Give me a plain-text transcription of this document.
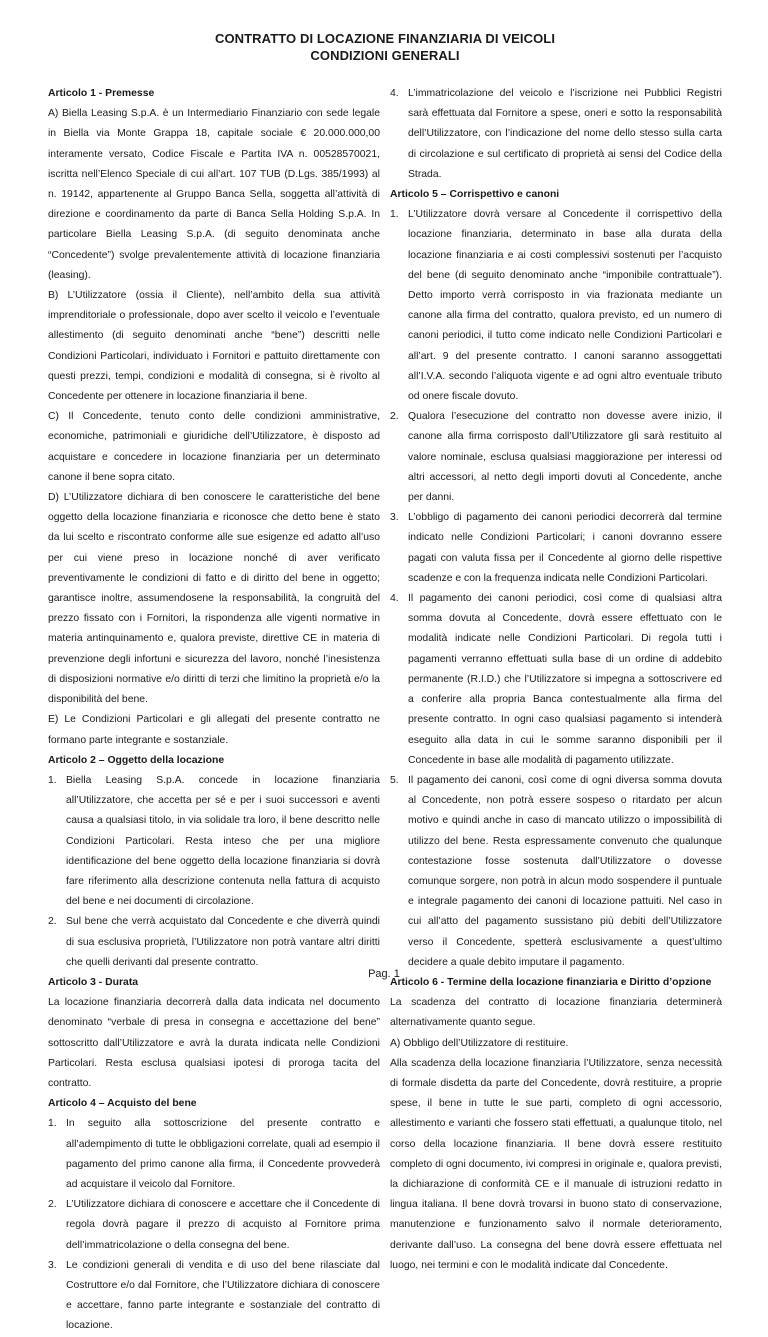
CONTRATTO DI LOCAZIONE FINANZIARIA DI VEICOLI
CONDIZIONI GENERALI

Articolo 1 - Premesse

A) Biella Leasing S.p.A. è un Intermediario Finanziario con sede legale in Biella via Monte Grappa 18, capitale sociale € 20.000.000,00 interamente versato, Codice Fiscale e Partita IVA n. 00528570021, iscritta nell’Elenco Speciale di cui all’art. 107 TUB (D.Lgs. 385/1993) al n. 19142, appartenente al Gruppo Banca Sella, soggetta all’attività di direzione e coordinamento da parte di Banca Sella Holding S.p.A. In particolare Biella Leasing S.p.A. (di seguito denominata anche “Concedente”) svolge prevalentemente attività di locazione finanziaria (leasing).

B) L’Utilizzatore (ossia il Cliente), nell’ambito della sua attività imprenditoriale o professionale, dopo aver scelto il veicolo e l’eventuale allestimento (di seguito denominati anche “bene”) descritti nelle Condizioni Particolari, individuato i Fornitori e pattuito direttamente con questi prezzi, tempi, condizioni e modalità di consegna, si è rivolto al Concedente per ottenere in locazione finanziaria il bene.

C) Il Concedente, tenuto conto delle condizioni amministrative, economiche, patrimoniali e giuridiche dell’Utilizzatore, è disposto ad acquistare e concedere in locazione finanziaria per un determinato canone il bene sopra citato.

D) L’Utilizzatore dichiara di ben conoscere le caratteristiche del bene oggetto della locazione finanziaria e riconosce che detto bene è stato da lui scelto e riscontrato conforme alle sue esigenze ed adatto all’uso per cui viene preso in locazione nonché di aver verificato preventivamente le condizioni di fatto e di diritto del bene in oggetto; garantisce inoltre, assumendosene la responsabilità, la congruità del prezzo fissato con i Fornitori, la rispondenza alle vigenti normative in materia antinquinamento e, qualora previste, direttive CE in materia di prevenzione degli infortuni e sicurezza del lavoro, nonché l’inesistenza di disposizioni normative e/o diritti di terzi che limitino la proprietà e/o la disponibilità del bene.

E) Le Condizioni Particolari e gli allegati del presente contratto ne formano parte integrante e sostanziale.

Articolo 2 – Oggetto della locazione

1. Biella Leasing S.p.A. concede in locazione finanziaria all’Utilizzatore, che accetta per sé e per i suoi successori e aventi causa a qualsiasi titolo, in via solidale tra loro, il bene descritto nelle Condizioni Particolari. Resta inteso che per una migliore identificazione del bene oggetto della locazione finanziaria si dovrà fare riferimento alla descrizione contenuta nella fattura di acquisto del bene e nei documenti di circolazione.
2. Sul bene che verrà acquistato dal Concedente e che diverrà quindi di sua esclusiva proprietà, l’Utilizzatore non potrà vantare altri diritti che quelli derivanti dal presente contratto.

Articolo 3 - Durata

La locazione finanziaria decorrerà dalla data indicata nel documento denominato “verbale di presa in consegna e accettazione del bene” sottoscritto dall’Utilizzatore e avrà la durata indicata nelle Condizioni Particolari. Resta esclusa qualsiasi ipotesi di proroga tacita del contratto.

Articolo 4 – Acquisto del bene

1. In seguito alla sottoscrizione del presente contratto e all’adempimento di tutte le obbligazioni correlate, quali ad esempio il pagamento del primo canone alla firma, il Concedente provvederà ad acquistare il veicolo dal Fornitore.
2. L’Utilizzatore dichiara di conoscere e accettare che il Concedente di regola dovrà pagare il prezzo di acquisto al Fornitore prima dell’immatricolazione o della consegna del bene.
3. Le condizioni generali di vendita e di uso del bene rilasciate dal Costruttore e/o dal Fornitore, che l’Utilizzatore dichiara di conoscere e accettare, fanno parte integrante e sostanziale del contratto di locazione.
4. L’immatricolazione del veicolo e l’iscrizione nei Pubblici Registri sarà effettuata dal Fornitore a spese, oneri e sotto la responsabilità dell’Utilizzatore, con l’indicazione del nome dello stesso sulla carta di circolazione e sul certificato di proprietà ai sensi del Codice della Strada.

Articolo 5 – Corrispettivo e canoni

1. L’Utilizzatore dovrà versare al Concedente il corrispettivo della locazione finanziaria, determinato in base alla durata della locazione finanziaria e ai costi complessivi sostenuti per l’acquisto del bene (di seguito denominato anche “imponibile contrattuale”). Detto importo verrà corrisposto in via frazionata mediante un canone alla firma del contratto, qualora previsto, ed un numero di canoni periodici, il tutto come indicato nelle Condizioni Particolari e all’art. 9 del presente contratto. I canoni saranno assoggettati all’I.V.A. secondo l’aliquota vigente e ad ogni altro eventuale tributo od onere fiscale dovuto.
2. Qualora l’esecuzione del contratto non dovesse avere inizio, il canone alla firma corrisposto dall’Utilizzatore gli sarà restituito al valore nominale, esclusa qualsiasi maggiorazione per interessi od altri accessori, al netto degli importi dovuti al Concedente, anche per danni.
3. L’obbligo di pagamento dei canoni periodici decorrerà dal termine indicato nelle Condizioni Particolari; i canoni dovranno essere pagati con valuta fissa per il Concedente al giorno delle rispettive scadenze e con la frequenza indicata nelle Condizioni Particolari.
4. Il pagamento dei canoni periodici, così come di qualsiasi altra somma dovuta al Concedente, dovrà essere effettuato con le modalità indicate nelle Condizioni Particolari. Di regola tutti i pagamenti verranno effettuati sulla base di un ordine di addebito permanente (R.I.D.) che l’Utilizzatore si impegna a sottoscrivere ed a conferire alla propria Banca contestualmente alla firma del presente contratto. In ogni caso qualsiasi pagamento si intenderà eseguito alla data in cui le somme saranno disponibili per il Concedente in base alle modalità di pagamento utilizzate.
5. Il pagamento dei canoni, così come di ogni diversa somma dovuta al Concedente, non potrà essere sospeso o ritardato per alcun motivo e quindi anche in caso di mancato utilizzo o impossibilità di utilizzo del bene. Resta espressamente convenuto che qualunque contestazione fosse sostenuta dall’Utilizzatore o dovesse comunque sorgere, non potrà in alcun modo sospendere il puntuale e integrale pagamento dei canoni di locazione pattuiti. Nel caso in cui all’atto del pagamento sussistano più debiti dell’Utilizzatore verso il Concedente, spetterà esclusivamente a quest’ultimo decidere a quale debito imputare il pagamento.

Articolo 6 - Termine della locazione finanziaria e Diritto d’opzione

La scadenza del contratto di locazione finanziaria determinerà alternativamente quanto segue.

A) Obbligo dell’Utilizzatore di restituire.

Alla scadenza della locazione finanziaria l’Utilizzatore, senza necessità di formale disdetta da parte del Concedente, dovrà restituire, a proprie spese, il bene in tutte le sue parti, completo di ogni accessorio, allestimento e varianti che fossero stati effettuati, a qualunque titolo, nel corso della locazione finanziaria. Il bene dovrà essere restituito completo di ogni documento, ivi compresi in originale e, qualora previsti, la dichiarazione di conformità CE e il manuale di istruzioni redatto in lingua italiana. Il bene dovrà trovarsi in buono stato di conservazione, manutenzione e funzionamento salvo il normale deterioramento, derivante dall’uso. La consegna del bene dovrà essere effettuata nel luogo, nei termini e con le modalità indicate dal Concedente.

Pag. 1
